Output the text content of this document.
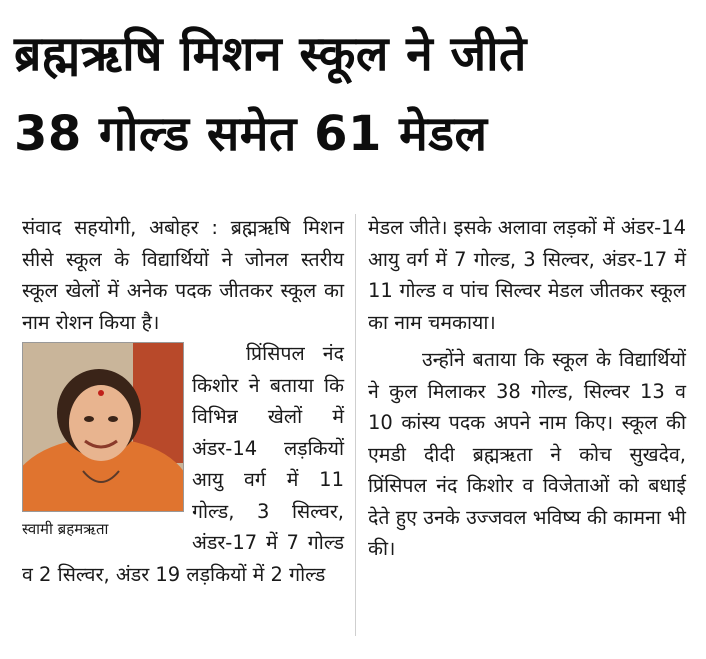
ब्रह्मऋषि मिशन स्कूल ने जीते
38 गोल्ड समेत 61 मेडल

संवाद सहयोगी, अबोहर : ब्रह्मऋषि मिशन सीसे स्कूल के विद्यार्थियों ने जोनल स्तरीय स्कूल खेलों में अनेक पदक जीतकर स्कूल का नाम रोशन किया है।

स्वामी ब्रहमऋता

प्रिंसिपल नंद किशोर ने बताया कि विभिन्न खेलों में अंडर-14 लड़कियों आयु वर्ग में 11 गोल्ड, 3 सिल्वर, अंडर-17 में 7 गोल्ड व 2 सिल्वर, अंडर 19 लड़कियों में 2 गोल्ड

मेडल जीते। इसके अलावा लड़कों में अंडर-14 आयु वर्ग में 7 गोल्ड, 3 सिल्वर, अंडर-17 में 11 गोल्ड व पांच सिल्वर मेडल जीतकर स्कूल का नाम चमकाया।

उन्होंने बताया कि स्कूल के विद्यार्थियों ने कुल मिलाकर 38 गोल्ड, सिल्वर 13 व 10 कांस्य पदक अपने नाम किए। स्कूल की एमडी दीदी ब्रह्मऋता ने कोच सुखदेव, प्रिंसिपल नंद किशोर व विजेताओं को बधाई देते हुए उनके उज्जवल भविष्य की कामना भी की।
